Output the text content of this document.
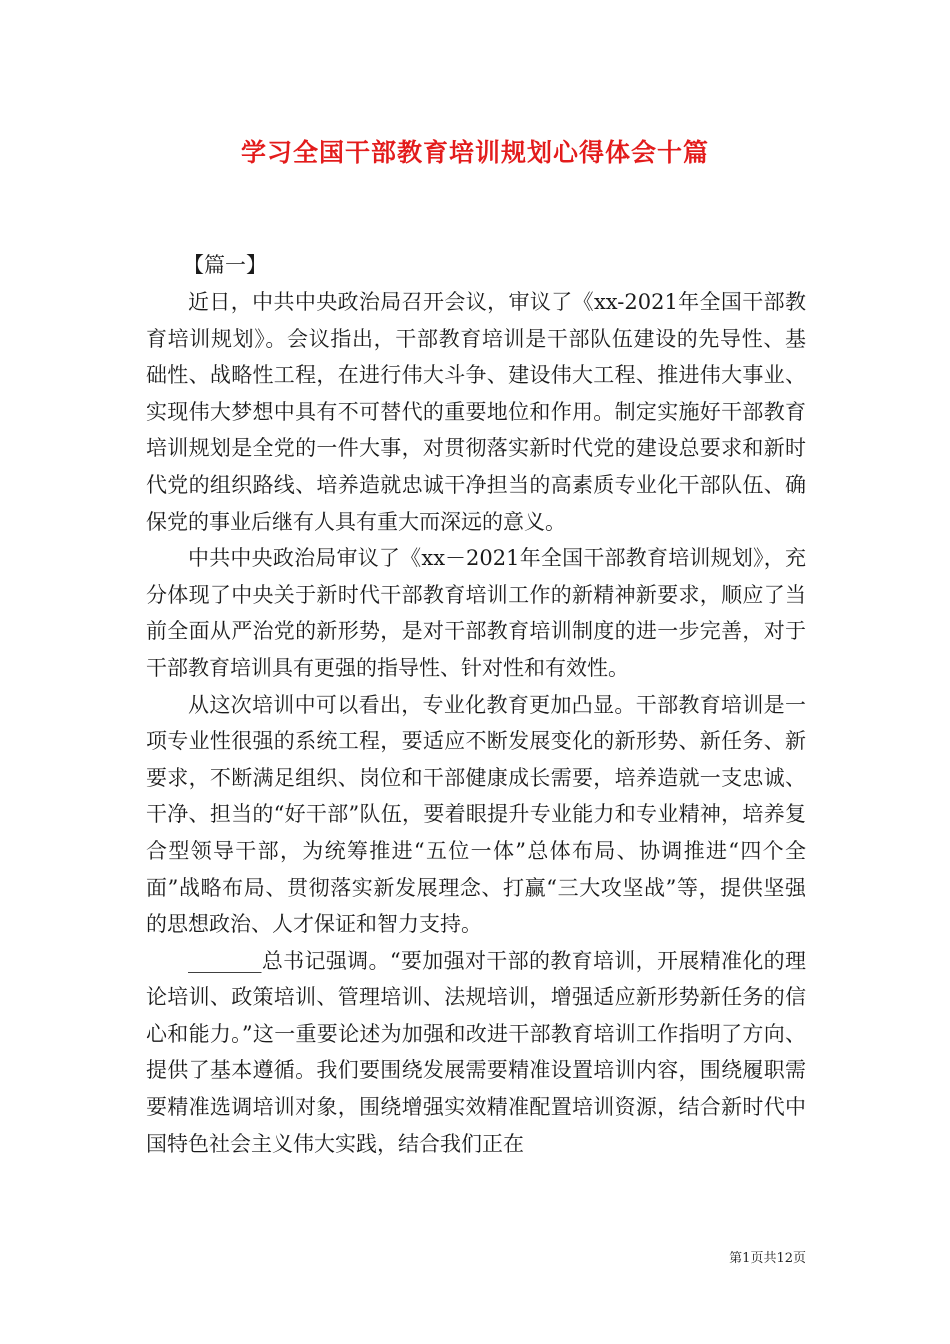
学习全国干部教育培训规划心得体会十篇
【篇一】

近日，中共中央政治局召开会议，审议了《xx-2021年全国干部教育培训规划》。会议指出，干部教育培训是干部队伍建设的先导性、基础性、战略性工程，在进行伟大斗争、建设伟大工程、推进伟大事业、实现伟大梦想中具有不可替代的重要地位和作用。制定实施好干部教育培训规划是全党的一件大事，对贯彻落实新时代党的建设总要求和新时代党的组织路线、培养造就忠诚干净担当的高素质专业化干部队伍、确保党的事业后继有人具有重大而深远的意义。

中共中央政治局审议了《xx－2021年全国干部教育培训规划》，充分体现了中央关于新时代干部教育培训工作的新精神新要求，顺应了当前全面从严治党的新形势，是对干部教育培训制度的进一步完善，对于干部教育培训具有更强的指导性、针对性和有效性。

从这次培训中可以看出，专业化教育更加凸显。干部教育培训是一项专业性很强的系统工程，要适应不断发展变化的新形势、新任务、新要求，不断满足组织、岗位和干部健康成长需要，培养造就一支忠诚、干净、担当的“好干部”队伍，要着眼提升专业能力和专业精神，培养复合型领导干部，为统筹推进“五位一体”总体布局、协调推进“四个全面”战略布局、贯彻落实新发展理念、打赢“三大攻坚战”等，提供坚强的思想政治、人才保证和智力支持。

_______总书记强调。“要加强对干部的教育培训，开展精准化的理论培训、政策培训、管理培训、法规培训，增强适应新形势新任务的信心和能力。”这一重要论述为加强和改进干部教育培训工作指明了方向、提供了基本遵循。我们要围绕发展需要精准设置培训内容，围绕履职需要精准选调培训对象，围绕增强实效精准配置培训资源，结合新时代中国特色社会主义伟大实践，结合我们正在

第1页共12页
